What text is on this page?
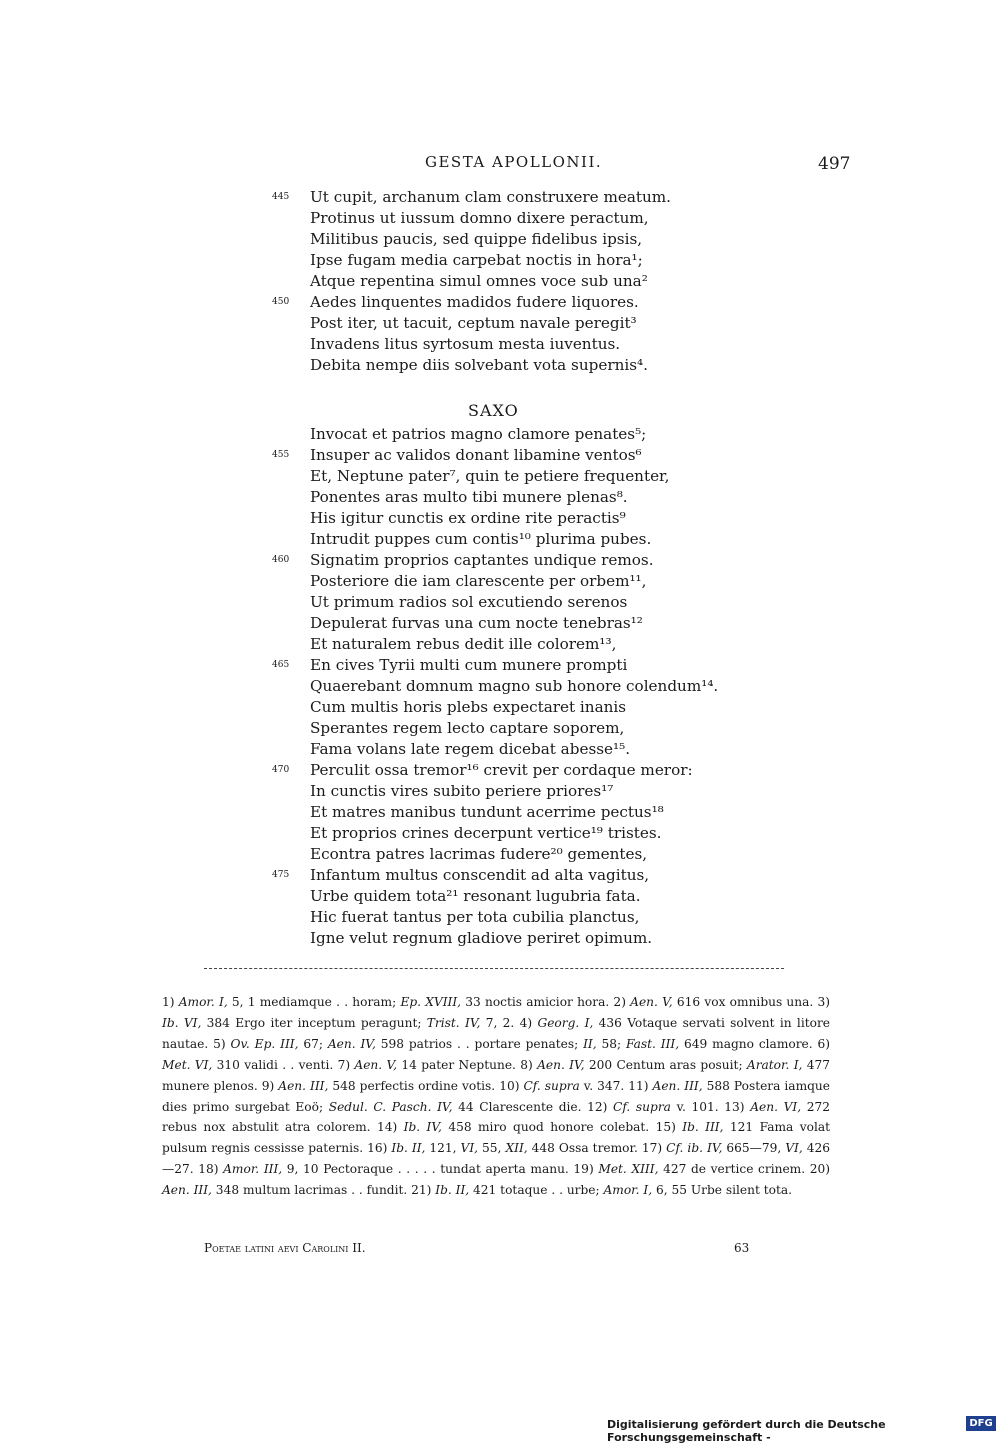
GESTA APOLLONII.	497
445 Ut cupit, archanum clam construxere meatum.
Protinus ut iussum domno dixere peractum,
Militibus paucis, sed quippe fidelibus ipsis,
Ipse fugam media carpebat noctis in hora¹;
Atque repentina simul omnes voce sub una²
450 Aedes linquentes madidos fudere liquores.
Post iter, ut tacuit, ceptum navale peregit³
Invadens litus syrtosum mesta iuventus.
Debita nempe diis solvebant vota supernis⁴.
SAXO
Invocat et patrios magno clamore penates⁵;
455 Insuper ac validos donant libamine ventos⁶
Et, Neptune pater⁷, quin te petiere frequenter,
Ponentes aras multo tibi munere plenas⁸.
His igitur cunctis ex ordine rite peractis⁹
Intrudit puppes cum contis¹⁰ plurima pubes.
460 Signatim proprios captantes undique remos.
Posteriore die iam clarescente per orbem¹¹,
Ut primum radios sol excutiendo serenos
Depulerat furvas una cum nocte tenebras¹²
Et naturalem rebus dedit ille colorem¹³,
465 En cives Tyrii multi cum munere prompti
Quaerebant domnum magno sub honore colendum¹⁴.
Cum multis horis plebs expectaret inanis
Sperantes regem lecto captare soporem,
Fama volans late regem dicebat abesse¹⁵.
470 Perculit ossa tremor¹⁶ crevit per cordaque meror:
In cunctis vires subito periere priores¹⁷
Et matres manibus tundunt acerrime pectus¹⁸
Et proprios crines decerpunt vertice¹⁹ tristes.
Econtra patres lacrimas fudere²⁰ gementes,
475 Infantum multus conscendit ad alta vagitus,
Urbe quidem tota²¹ resonant lugubria fata.
Hic fuerat tantus per tota cubilia planctus,
Igne velut regnum gladiove periret opimum.
1) Amor. I, 5, 1 mediamque . . horam; Ep. XVIII, 33 noctis amicior hora. 2) Aen. V, 616 vox omnibus una. 3) Ib. VI, 384 Ergo iter inceptum peragunt; Trist. IV, 7, 2. 4) Georg. I, 436 Votaque servati solvent in litore nautae. 5) Ov. Ep. III, 67; Aen. IV, 598 patrios . . portare penates; II, 58; Fast. III, 649 magno clamore. 6) Met. VI, 310 validi . . venti. 7) Aen. V, 14 pater Neptune. 8) Aen. IV, 200 Centum aras posuit; Arator. I, 477 munere plenos. 9) Aen. III, 548 perfectis ordine votis. 10) Cf. supra v. 347. 11) Aen. III, 588 Postera iamque dies primo surgebat Eoö; Sedul. C. Pasch. IV, 44 Clarescente die. 12) Cf. supra v. 101. 13) Aen. VI, 272 rebus nox abstulit atra colorem. 14) Ib. IV, 458 miro quod honore colebat. 15) Ib. III, 121 Fama volat pulsum regnis cessisse paternis. 16) Ib. II, 121, VI, 55, XII, 448 Ossa tremor. 17) Cf. ib. IV, 665—79, VI, 426—27. 18) Amor. III, 9, 10 Pectoraque . . . . . tundat aperta manu. 19) Met. XIII, 427 de vertice crinem. 20) Aen. III, 348 multum lacrimas . . fundit. 21) Ib. II, 421 totaque . . urbe; Amor. I, 6, 55 Urbe silent tota.
Poetae latini aevi Carolini II.	63
Digitalisierung gefördert durch die Deutsche Forschungsgemeinschaft -
DFG
